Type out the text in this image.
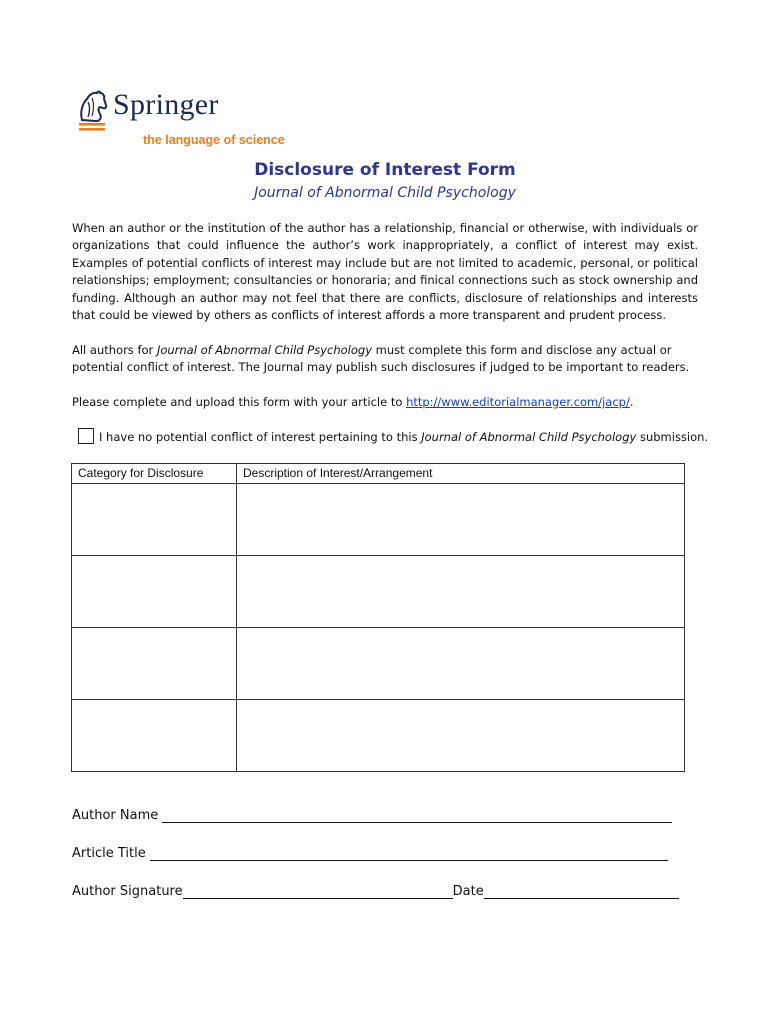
Springer
the language of science
Disclosure of Interest Form
Journal of Abnormal Child Psychology
When an author or the institution of the author has a relationship, financial or otherwise, with individuals or organizations that could influence the author’s work inappropriately, a conflict of interest may exist. Examples of potential conflicts of interest may include but are not limited to academic, personal, or political relationships; employment; consultancies or honoraria; and finical connections such as stock ownership and funding. Although an author may not feel that there are conflicts, disclosure of relationships and interests that could be viewed by others as conflicts of interest affords a more transparent and prudent process.
All authors for Journal of Abnormal Child Psychology must complete this form and disclose any actual or potential conflict of interest. The Journal may publish such disclosures if judged to be important to readers.
Please complete and upload this form with your article to http://www.editorialmanager.com/jacp/.
I have no potential conflict of interest pertaining to this Journal of Abnormal Child Psychology submission.
Category for Disclosure	Description of Interest/Arrangement

Author Name
Article Title
Author Signature	Date
